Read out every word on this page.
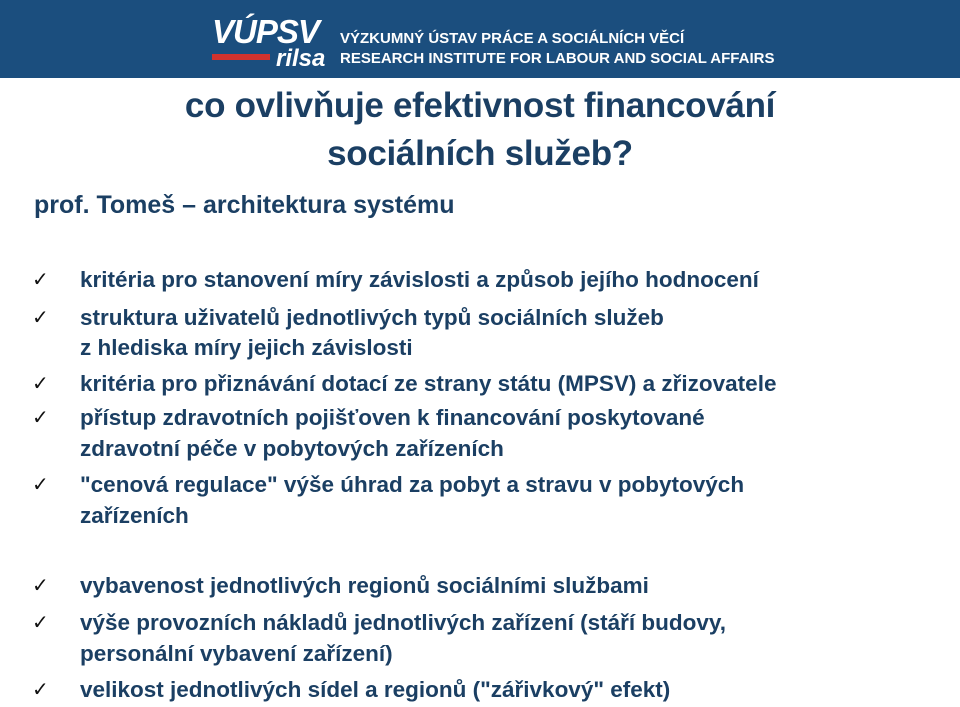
VÚPSV
rilsa
VÝZKUMNÝ ÚSTAV PRÁCE A SOCIÁLNÍCH VĚCÍ
RESEARCH INSTITUTE FOR LABOUR AND SOCIAL AFFAIRS
co ovlivňuje efektivnost financování
sociálních služeb?
prof. Tomeš – architektura systému
✓ kritéria pro stanovení míry závislosti a způsob jejího hodnocení
✓ struktura uživatelů jednotlivých typů sociálních služeb
z hlediska míry jejich závislosti
✓ kritéria pro přiznávání dotací ze strany státu (MPSV) a zřizovatele
✓ přístup zdravotních pojišťoven k financování poskytované
zdravotní péče v pobytových zařízeních
✓ "cenová regulace" výše úhrad za pobyt a stravu v pobytových
zařízeních
✓ vybavenost jednotlivých regionů sociálními službami
✓ výše provozních nákladů jednotlivých zařízení (stáří budovy,
personální vybavení zařízení)
✓ velikost jednotlivých sídel a regionů ("zářivkový" efekt)
